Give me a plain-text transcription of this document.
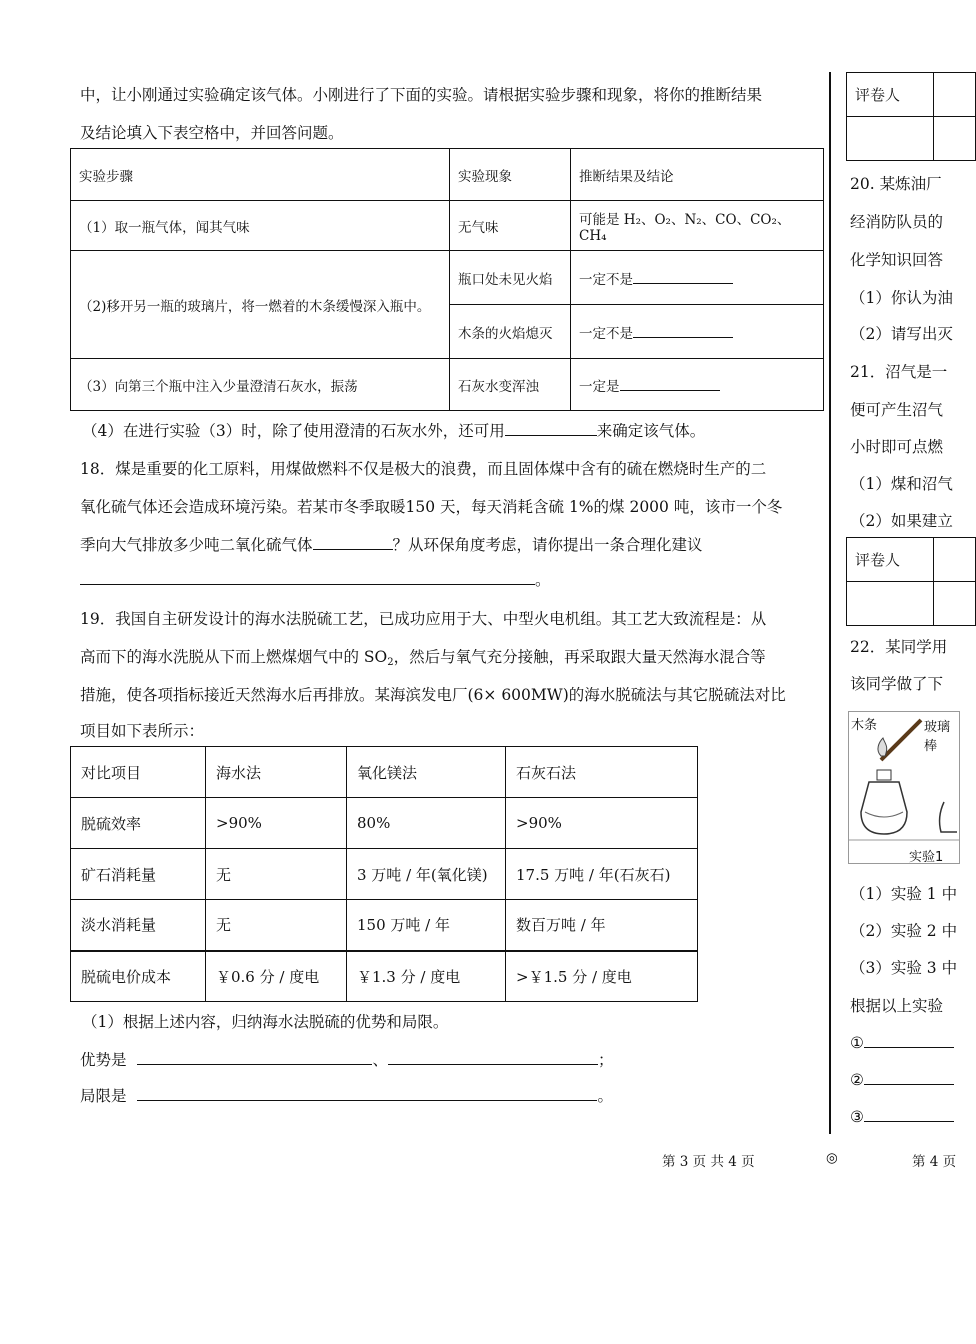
中，让小刚通过实验确定该气体。小刚进行了下面的实验。请根据实验步骤和现象，将你的推断结果
及结论填入下表空格中，并回答问题。
实验步骤	实验现象	推断结果及结论
（1）取一瓶气体，闻其气味	无气味	可能是 H₂、O₂、N₂、CO、CO₂、CH₄
（2)移开另一瓶的玻璃片，将一燃着的木条缓慢深入瓶中。	瓶口处未见火焰	一定不是
	木条的火焰熄灭	一定不是
（3）向第三个瓶中注入少量澄清石灰水，振荡	石灰水变浑浊	一定是
（4）在进行实验（3）时，除了使用澄清的石灰水外，还可用	来确定该气体。
18．煤是重要的化工原料，用煤做燃料不仅是极大的浪费，而且固体煤中含有的硫在燃烧时生产的二
氧化硫气体还会造成环境污染。若某市冬季取暖150 天，每天消耗含硫 1%的煤 2000 吨，该市一个冬
季向大气排放多少吨二氧化硫气体	？从环保角度考虑，请你提出一条合理化建议
。
19．我国自主研发设计的海水法脱硫工艺，已成功应用于大、中型火电机组。其工艺大致流程是：从
高而下的海水洗脱从下而上燃煤烟气中的 $SO_2$，然后与氧气充分接触，再采取跟大量天然海水混合等
措施，使各项指标接近天然海水后再排放。某海滨发电厂(6× 600MW)的海水脱硫法与其它脱硫法对比
项目如下表所示：
对比项目	海水法	氧化镁法	石灰石法
脱硫效率	>90%	80%	>90%
矿石消耗量	无	3 万吨 / 年(氧化镁)	17.5 万吨 / 年(石灰石)
淡水消耗量	无	150 万吨 / 年	数百万吨 / 年
脱硫电价成本	￥0.6 分 / 度电	￥1.3 分 / 度电	>￥1.5 分 / 度电
（1）根据上述内容，归纳海水法脱硫的优势和局限。
优势是	、	；
局限是	。
评卷人	

20. 某炼油厂
经消防队员的
化学知识回答
（1）你认为油
（2）请写出灭
21．沼气是一
便可产生沼气
小时即可点燃
（1）煤和沼气
（2）如果建立
评卷人	

22．某同学用
该同学做了下
木条	玻璃棒
实验1
（1）实验 1 中
（2）实验 2 中
（3）实验 3 中
根据以上实验
①
②
③
第 3 页 共 4 页	◎	第 4 页
